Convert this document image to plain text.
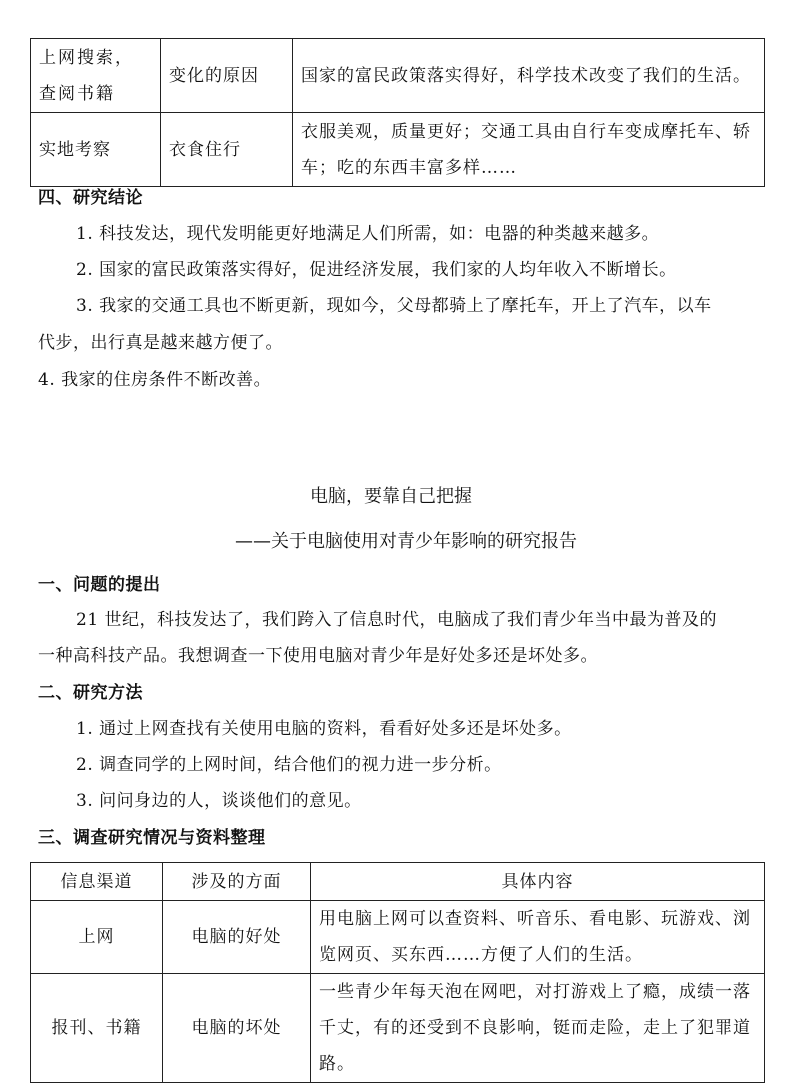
上网搜索，查阅书籍	变化的原因	国家的富民政策落实得好，科学技术改变了我们的生活。
实地考察	衣食住行	衣服美观，质量更好；交通工具由自行车变成摩托车、轿车；吃的东西丰富多样……
四、研究结论
1. 科技发达，现代发明能更好地满足人们所需，如：电器的种类越来越多。
2. 国家的富民政策落实得好，促进经济发展，我们家的人均年收入不断增长。
3. 我家的交通工具也不断更新，现如今，父母都骑上了摩托车，开上了汽车，以车
代步，出行真是越来越方便了。
4. 我家的住房条件不断改善。
电脑，要靠自己把握
——关于电脑使用对青少年影响的研究报告
一、问题的提出
21 世纪，科技发达了，我们跨入了信息时代，电脑成了我们青少年当中最为普及的
一种高科技产品。我想调查一下使用电脑对青少年是好处多还是坏处多。
二、研究方法
1. 通过上网查找有关使用电脑的资料，看看好处多还是坏处多。
2. 调查同学的上网时间，结合他们的视力进一步分析。
3. 问问身边的人，谈谈他们的意见。
三、调查研究情况与资料整理
信息渠道	涉及的方面	具体内容
上网	电脑的好处	用电脑上网可以查资料、听音乐、看电影、玩游戏、浏览网页、买东西……方便了人们的生活。
报刊、书籍	电脑的坏处	一些青少年每天泡在网吧，对打游戏上了瘾，成绩一落千丈，有的还受到不良影响，铤而走险，走上了犯罪道路。
